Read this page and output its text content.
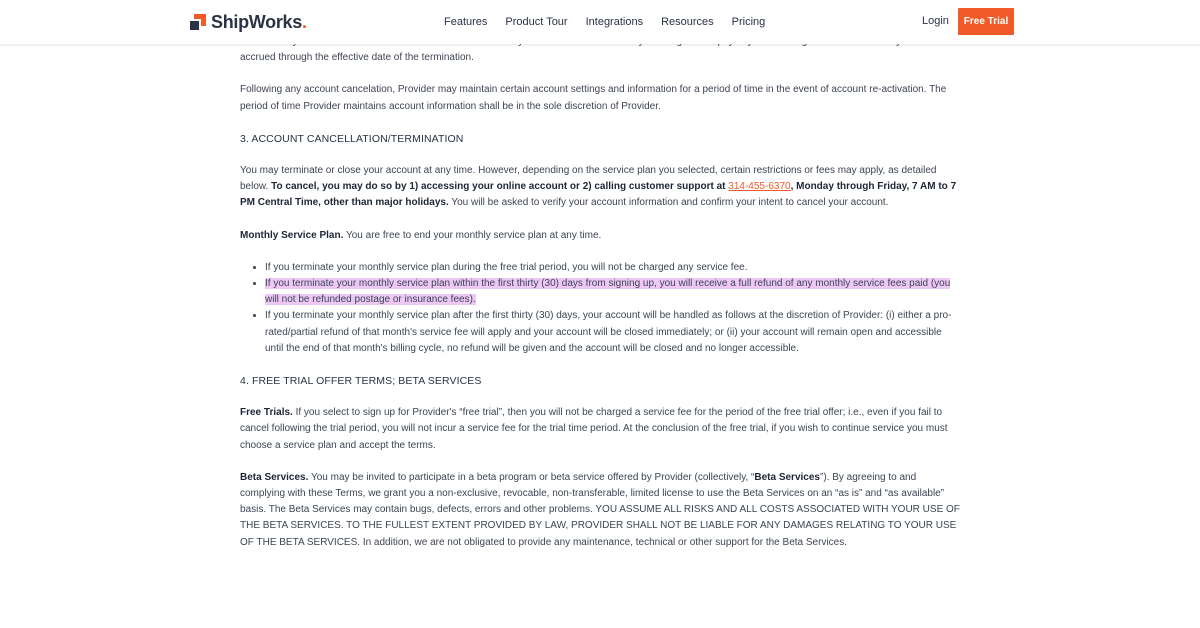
ShipWorks.	Features Product Tour Integrations Resources Pricing	Login	Free Trial

accrued through the effective date of the termination.

Following any account cancelation, Provider may maintain certain account settings and information for a period of time in the event of account re-activation. The period of time Provider maintains account information shall be in the sole discretion of Provider.

3. ACCOUNT CANCELLATION/TERMINATION

You may terminate or close your account at any time. However, depending on the service plan you selected, certain restrictions or fees may apply, as detailed below. To cancel, you may do so by 1) accessing your online account or 2) calling customer support at 314-455-6370, Monday through Friday, 7 AM to 7 PM Central Time, other than major holidays. You will be asked to verify your account information and confirm your intent to cancel your account.

Monthly Service Plan. You are free to end your monthly service plan at any time.

• If you terminate your monthly service plan during the free trial period, you will not be charged any service fee.
• If you terminate your monthly service plan within the first thirty (30) days from signing up, you will receive a full refund of any monthly service fees paid (you will not be refunded postage or insurance fees).
• If you terminate your monthly service plan after the first thirty (30) days, your account will be handled as follows at the discretion of Provider: (i) either a pro-rated/partial refund of that month's service fee will apply and your account will be closed immediately; or (ii) your account will remain open and accessible until the end of that month's billing cycle, no refund will be given and the account will be closed and no longer accessible.
4. FREE TRIAL OFFER TERMS; BETA SERVICES

Free Trials. If you select to sign up for Provider's “free trial”, then you will not be charged a service fee for the period of the free trial offer; i.e., even if you fail to cancel following the trial period, you will not incur a service fee for the trial time period. At the conclusion of the free trial, if you wish to continue service you must choose a service plan and accept the terms.

Beta Services. You may be invited to participate in a beta program or beta service offered by Provider (collectively, “Beta Services”). By agreeing to and complying with these Terms, we grant you a non-exclusive, revocable, non-transferable, limited license to use the Beta Services on an “as is” and “as available” basis. The Beta Services may contain bugs, defects, errors and other problems. YOU ASSUME ALL RISKS AND ALL COSTS ASSOCIATED WITH YOUR USE OF THE BETA SERVICES. TO THE FULLEST EXTENT PROVIDED BY LAW, PROVIDER SHALL NOT BE LIABLE FOR ANY DAMAGES RELATING TO YOUR USE OF THE BETA SERVICES. In addition, we are not obligated to provide any maintenance, technical or other support for the Beta Services.
